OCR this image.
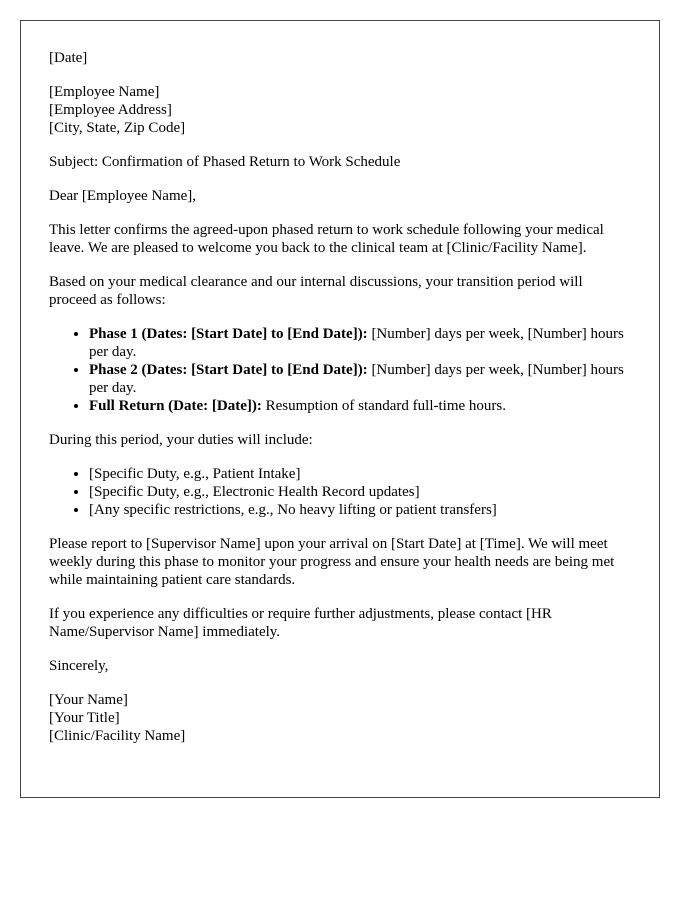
[Date]

[Employee Name]
[Employee Address]
[City, State, Zip Code]

Subject: Confirmation of Phased Return to Work Schedule

Dear [Employee Name],

This letter confirms the agreed-upon phased return to work schedule following your medical leave. We are pleased to welcome you back to the clinical team at [Clinic/Facility Name].

Based on your medical clearance and our internal discussions, your transition period will proceed as follows:

• Phase 1 (Dates: [Start Date] to [End Date]): [Number] days per week, [Number] hours per day.
• Phase 2 (Dates: [Start Date] to [End Date]): [Number] days per week, [Number] hours per day.
• Full Return (Date: [Date]): Resumption of standard full-time hours.

During this period, your duties will include:

• [Specific Duty, e.g., Patient Intake]
• [Specific Duty, e.g., Electronic Health Record updates]
• [Any specific restrictions, e.g., No heavy lifting or patient transfers]

Please report to [Supervisor Name] upon your arrival on [Start Date] at [Time]. We will meet weekly during this phase to monitor your progress and ensure your health needs are being met while maintaining patient care standards.

If you experience any difficulties or require further adjustments, please contact [HR Name/Supervisor Name] immediately.

Sincerely,

[Your Name]
[Your Title]
[Clinic/Facility Name]
